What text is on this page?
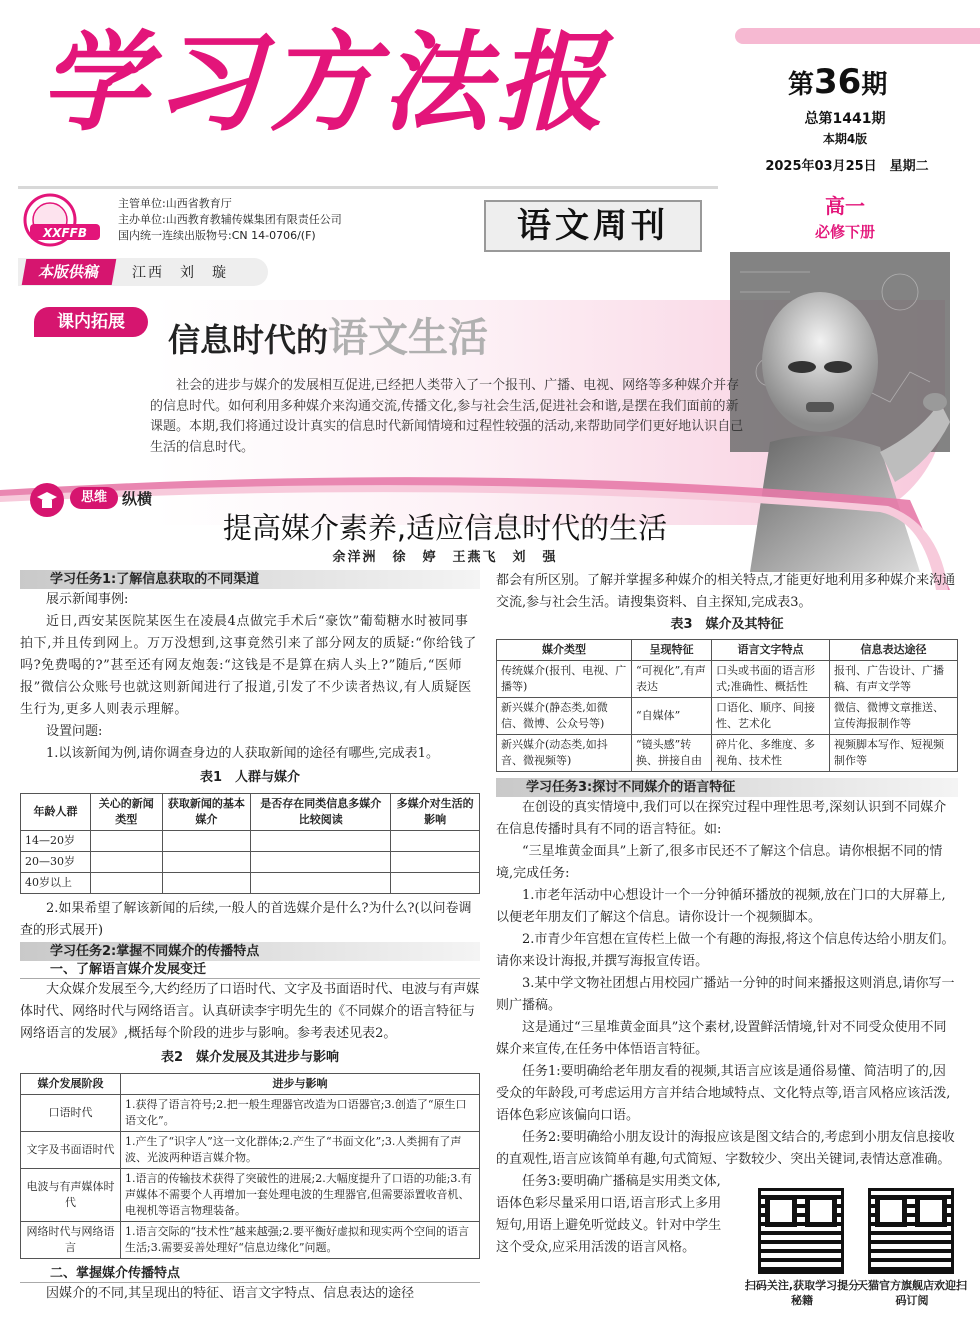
学习方法报	第36期
总第1441期
本期4版
2025年03月25日　星期二
XXFFB
主管单位:山西省教育厅
主办单位:山西教育教辅传媒集团有限责任公司
国内统一连续出版物号:CN 14-0706/(F)	语文周刊	高一
必修下册
本版供稿	江西　刘　璇
课内拓展	信息时代的语文生活
社会的进步与媒介的发展相互促进,已经把人类带入了一个报刊、广播、电视、网络等多种媒介并存的信息时代。如何利用多种媒介来沟通交流,传播文化,参与社会生活,促进社会和谐,是摆在我们面前的新课题。本期,我们将通过设计真实的信息时代新闻情境和过程性较强的活动,来帮助同学们更好地认识自己生活的信息时代。
思维	纵横
提高媒介素养,适应信息时代的生活
余洋洲　徐　婷　王燕飞　刘　强
学习任务1:了解信息获取的不同渠道

展示新闻事例:

近日,西安某医院某医生在凌晨4点做完手术后“豪饮”葡萄糖水时被同事拍下,并且传到网上。万万没想到,这事竟然引来了部分网友的质疑:“你给钱了吗?免费喝的?”甚至还有网友炮轰:“这钱是不是算在病人头上?”随后,“医师报”微信公众账号也就这则新闻进行了报道,引发了不少读者热议,有人质疑医生行为,更多人则表示理解。

设置问题:

1.以该新闻为例,请你调查身边的人获取新闻的途径有哪些,完成表1。

表1　人群与媒介
年龄人群	关心的新闻类型	获取新闻的基本媒介	是否存在同类信息多媒介比较阅读	多媒介对生活的影响
14—20岁				
20—30岁				
40岁以上				

2.如果希望了解该新闻的后续,一般人的首选媒介是什么?为什么?(以问卷调查的形式展开)

学习任务2:掌握不同媒介的传播特点
一、了解语言媒介发展变迁

大众媒介发展至今,大约经历了口语时代、文字及书面语时代、电波与有声媒体时代、网络时代与网络语言。认真研读李宇明先生的《不同媒介的语言特征与网络语言的发展》,概括每个阶段的进步与影响。参考表述见表2。

表2　媒介发展及其进步与影响
媒介发展阶段	进步与影响
口语时代	1.获得了语言符号;2.把一般生理器官改造为口语器官;3.创造了“原生口语文化”。
文字及书面语时代	1.产生了“识字人”这一文化群体;2.产生了“书面文化”;3.人类拥有了声波、光波两种语言媒介物。
电波与有声媒体时代	1.语言的传输技术获得了突破性的进展;2.大幅度提升了口语的功能;3.有声媒体不需要个人再增加一套处理电波的生理器官,但需要添置收音机、电视机等语言物理装备。
网络时代与网络语言	1.语言交际的“技术性”越来越强;2.要平衡好虚拟和现实两个空间的语言生活;3.需要妥善处理好“信息边缘化”问题。
二、掌握媒介传播特点

因媒介的不同,其呈现出的特征、语言文字特点、信息表达的途径

都会有所区别。了解并掌握多种媒介的相关特点,才能更好地利用多种媒介来沟通交流,参与社会生活。请搜集资料、自主探知,完成表3。

表3　媒介及其特征
媒介类型	呈现特征	语言文字特点	信息表达途径
传统媒介(报刊、电视、广播等)	“可视化”,有声表达	口头或书面的语言形式;准确性、概括性	报刊、广告设计、广播稿、有声文学等
新兴媒介(静态类,如微信、微博、公众号等)	“自媒体”	口语化、顺序、间接性、艺术化	微信、微博文章推送、宣传海报制作等
新兴媒介(动态类,如抖音、微视频等)	“镜头感”转换、拼接自由	碎片化、多维度、多视角、技术性	视频脚本写作、短视频制作等
学习任务3:探讨不同媒介的语言特征

在创设的真实情境中,我们可以在探究过程中理性思考,深刻认识到不同媒介在信息传播时具有不同的语言特征。如:

“三星堆黄金面具”上新了,很多市民还不了解这个信息。请你根据不同的情境,完成任务:

1.市老年活动中心想设计一个一分钟循环播放的视频,放在门口的大屏幕上,以便老年朋友们了解这个信息。请你设计一个视频脚本。

2.市青少年宫想在宣传栏上做一个有趣的海报,将这个信息传达给小朋友们。请你来设计海报,并撰写海报宣传语。

3.某中学文物社团想占用校园广播站一分钟的时间来播报这则消息,请你写一则广播稿。

这是通过“三星堆黄金面具”这个素材,设置鲜活情境,针对不同受众使用不同媒介来宣传,在任务中体悟语言特征。

任务1:要明确给老年朋友看的视频,其语言应该是通俗易懂、简洁明了的,因受众的年龄段,可考虑运用方言并结合地域特点、文化特点等,语言风格应该活泼,语体色彩应该偏向口语。

任务2:要明确给小朋友设计的海报应该是图文结合的,考虑到小朋友信息接收的直观性,语言应该简单有趣,句式简短、字数较少、突出关键词,表情达意准确。

任务3:要明确广播稿是实用类文体,语体色彩尽量采用口语,语言形式上多用短句,用语上避免听觉歧义。针对中学生这个受众,应采用活泼的语言风格。

扫码关注,获取学习提分秘籍
天猫官方旗舰店欢迎扫码订阅
